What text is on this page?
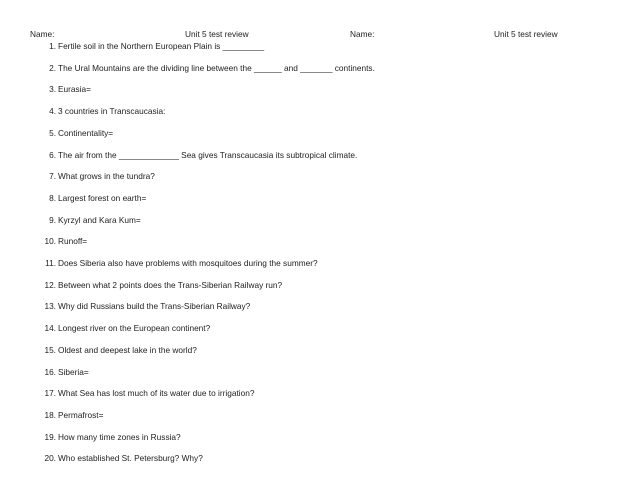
Name:	Unit 5 test review	Name:	Unit 5 test review
1. Fertile soil in the Northern European Plain is _________
2. The Ural Mountains are the dividing line between the ______ and _______ continents.
3. Eurasia=
4. 3 countries in Transcaucasia:
5. Continentality=
6. The air from the _____________ Sea gives Transcaucasia its subtropical climate.
7. What grows in the tundra?
8. Largest forest on earth=
9. Kyrzyl and Kara Kum=
10. Runoff=
11. Does Siberia also have problems with mosquitoes during the summer?
12. Between what 2 points does the Trans-Siberian Railway run?
13. Why did Russians build the Trans-Siberian Railway?
14. Longest river on the European continent?
15. Oldest and deepest lake in the world?
16. Siberia=
17. What Sea has lost much of its water due to irrigation?
18. Permafrost=
19. How many time zones in Russia?
20. Who established St. Petersburg? Why?
